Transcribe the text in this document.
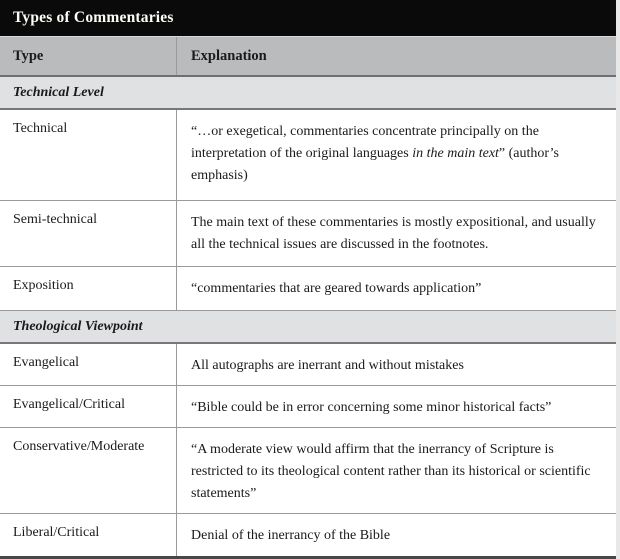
Types of Commentaries
Type	Explanation
Technical Level
Technical	“…or exegetical, commentaries concentrate principally on the interpretation of the original languages in the main text” (author’s emphasis)
Semi-technical	The main text of these commentaries is mostly expositional, and usually all the technical issues are discussed in the footnotes.
Exposition	“commentaries that are geared towards application”
Theological Viewpoint
Evangelical	All autographs are inerrant and without mistakes
Evangelical/Critical	“Bible could be in error concerning some minor historical facts”
Conservative/Moderate	“A moderate view would affirm that the inerrancy of Scripture is restricted to its theological content rather than its historical or scientific statements”
Liberal/Critical	Denial of the inerrancy of the Bible
